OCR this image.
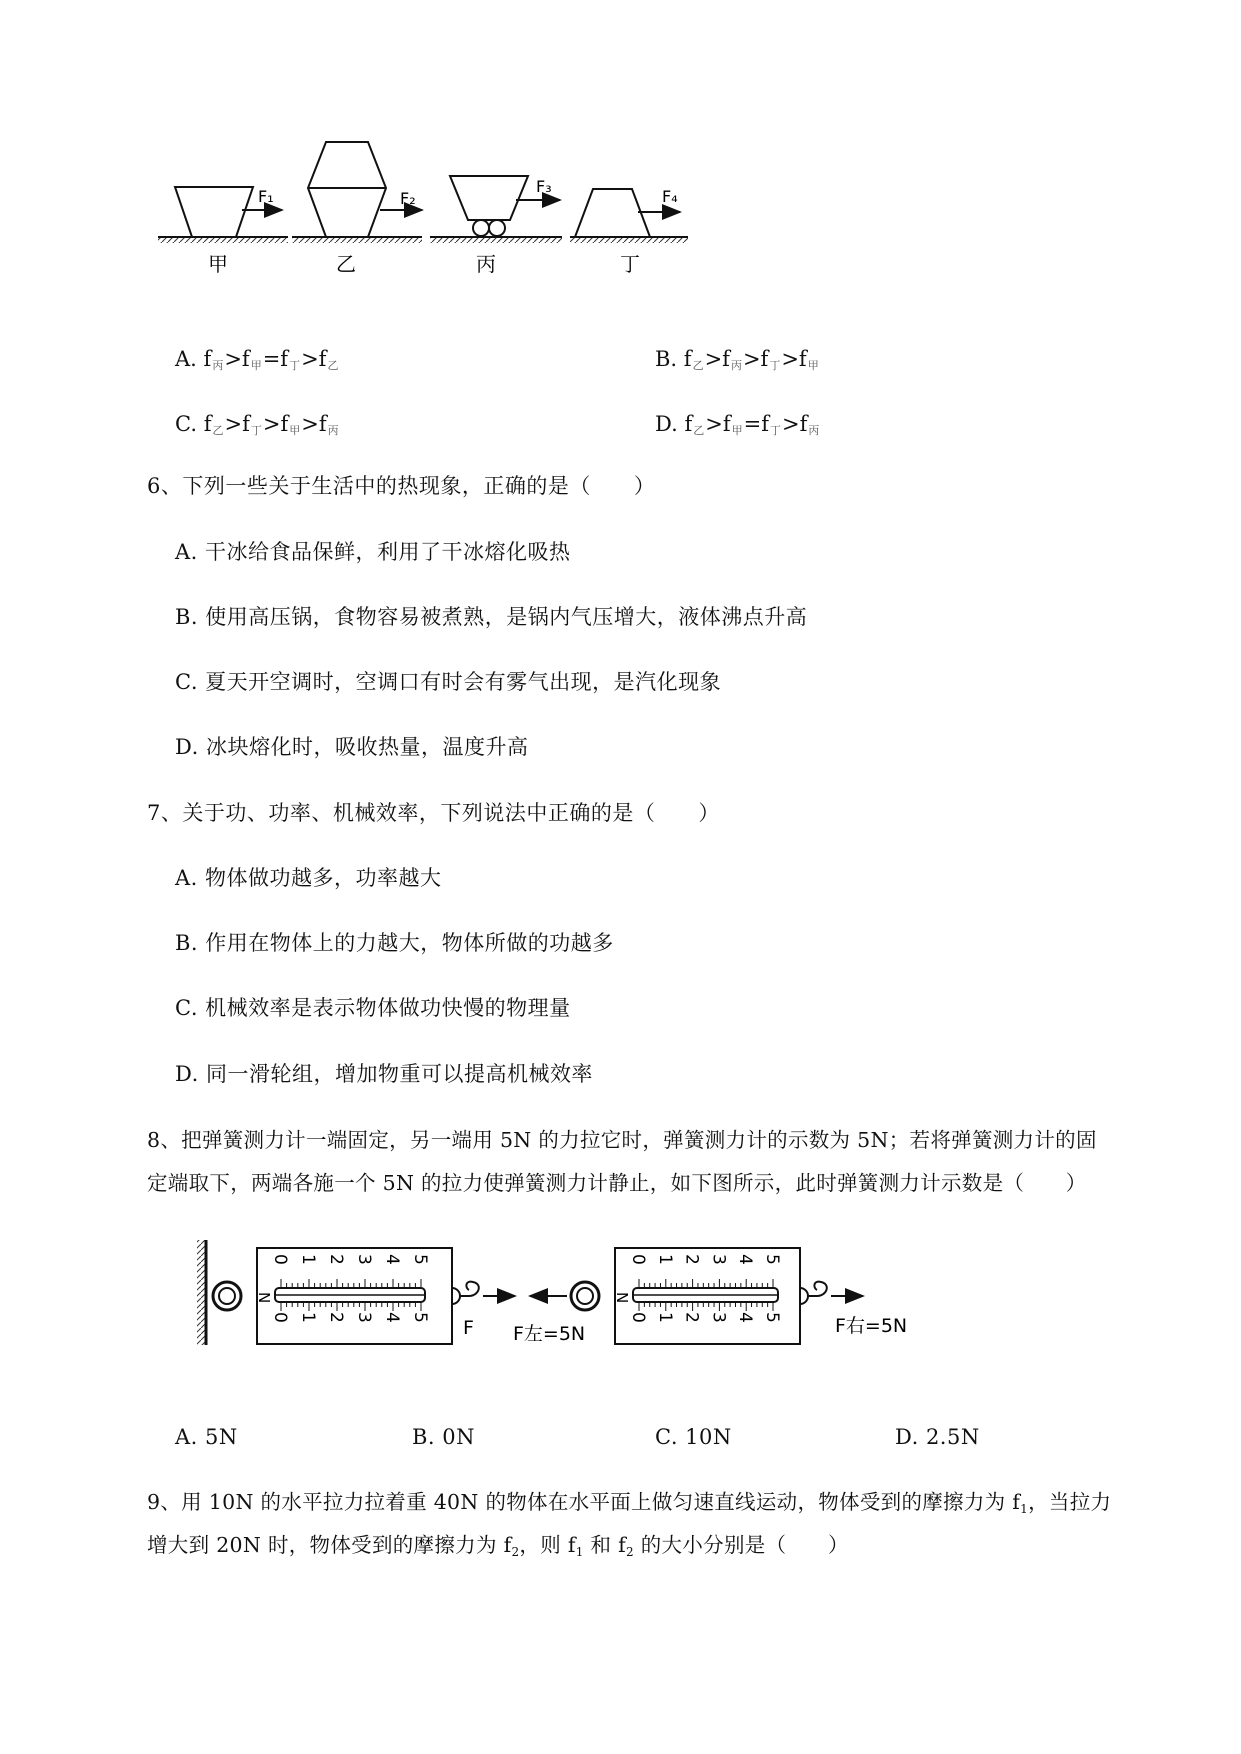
F₁	F₂
F₃
F₄
甲	乙	丙	丁
A. $f_丙>f_甲=f_丁>f_乙$	B. $f_乙>f_丙>f_丁>f_甲$
C. $f_乙>f_丁>f_甲>f_丙$	D. $f_乙>f_甲=f_丁>f_丙$
6、下列一些关于生活中的热现象，正确的是（　　）
A. 干冰给食品保鲜，利用了干冰熔化吸热
B. 使用高压锅，食物容易被煮熟，是锅内气压增大，液体沸点升高
C. 夏天开空调时，空调口有时会有雾气出现，是汽化现象
D. 冰块熔化时，吸收热量，温度升高
7、关于功、功率、机械效率，下列说法中正确的是（　　）
A. 物体做功越多，功率越大
B. 作用在物体上的力越大，物体所做的功越多
C. 机械效率是表示物体做功快慢的物理量
D. 同一滑轮组，增加物重可以提高机械效率
8、把弹簧测力计一端固定，另一端用 5N 的力拉它时，弹簧测力计的示数为 5N；若将弹簧测力计的固
定端取下，两端各施一个 5N 的拉力使弹簧测力计静止，如下图所示，此时弹簧测力计示数是（　　）
N
F
0
0
1
1
2
2
3
3
4
4
5
5
N
F左=5N	F右=5N
0
0
1
1
2
2
3
3
4
4
5
5
A. 5N	B. 0N	C. 10N	D. 2.5N
9、用 10N 的水平拉力拉着重 40N 的物体在水平面上做匀速直线运动，物体受到的摩擦力为 f1，当拉力
增大到 20N 时，物体受到的摩擦力为 f2，则 f1 和 f2 的大小分别是（　　）
